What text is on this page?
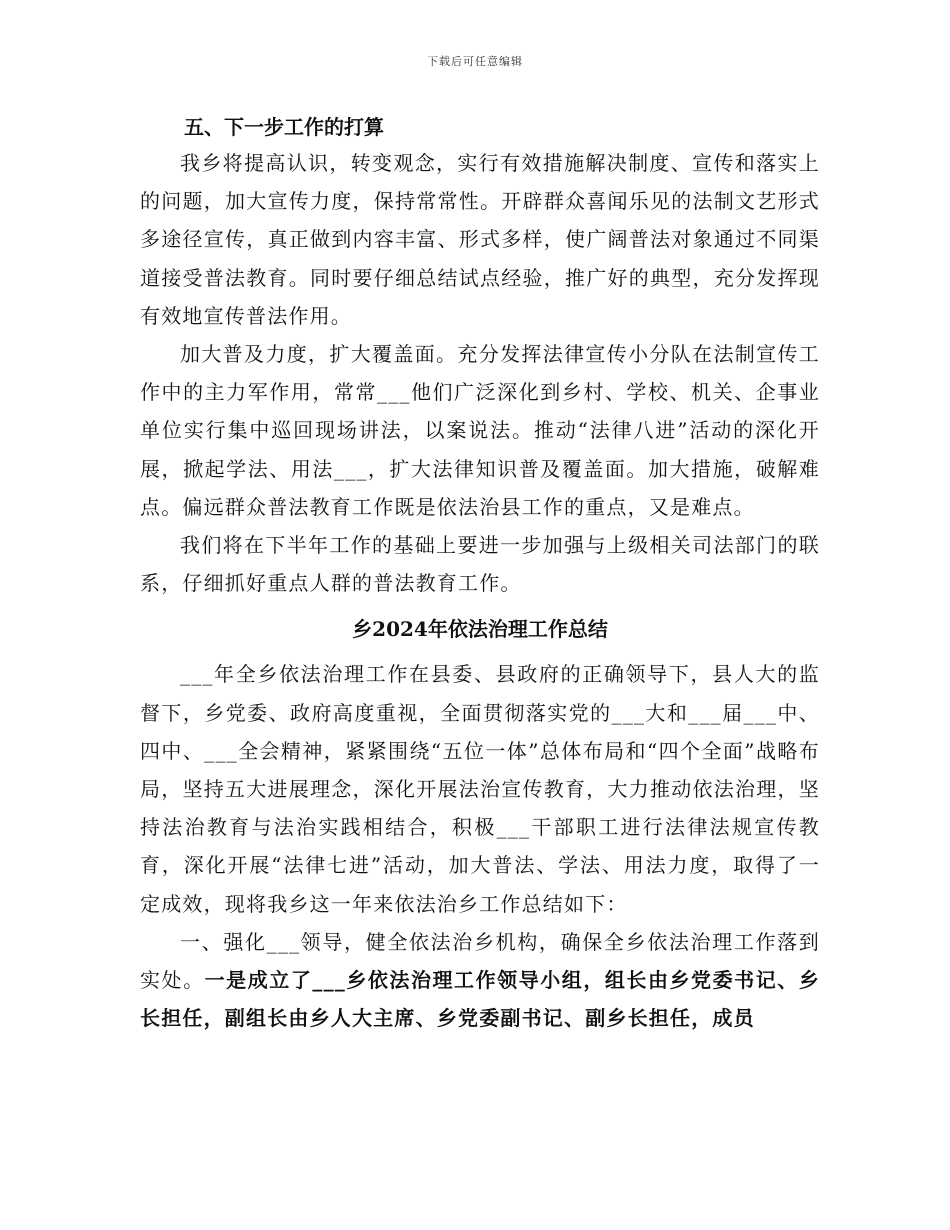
下载后可任意编辑

五、下一步工作的打算

我乡将提高认识，转变观念，实行有效措施解决制度、宣传和落实上的问题，加大宣传力度，保持常常性。开辟群众喜闻乐见的法制文艺形式多途径宣传，真正做到内容丰富、形式多样，使广阔普法对象通过不同渠道接受普法教育。同时要仔细总结试点经验，推广好的典型，充分发挥现有效地宣传普法作用。

加大普及力度，扩大覆盖面。充分发挥法律宣传小分队在法制宣传工作中的主力军作用，常常___他们广泛深化到乡村、学校、机关、企事业单位实行集中巡回现场讲法，以案说法。推动“法律八进”活动的深化开展，掀起学法、用法___，扩大法律知识普及覆盖面。加大措施，破解难点。偏远群众普法教育工作既是依法治县工作的重点，又是难点。

我们将在下半年工作的基础上要进一步加强与上级相关司法部门的联系，仔细抓好重点人群的普法教育工作。

乡2024年依法治理工作总结

___年全乡依法治理工作在县委、县政府的正确领导下，县人大的监督下，乡党委、政府高度重视，全面贯彻落实党的___大和___届___中、四中、___全会精神，紧紧围绕“五位一体”总体布局和“四个全面”战略布局，坚持五大进展理念，深化开展法治宣传教育，大力推动依法治理，坚持法治教育与法治实践相结合，积极___干部职工进行法律法规宣传教育，深化开展“法律七进”活动，加大普法、学法、用法力度，取得了一定成效，现将我乡这一年来依法治乡工作总结如下：

一、强化___领导，健全依法治乡机构，确保全乡依法治理工作落到实处。一是成立了___乡依法治理工作领导小组，组长由乡党委书记、乡长担任，副组长由乡人大主席、乡党委副书记、副乡长担任，成员
